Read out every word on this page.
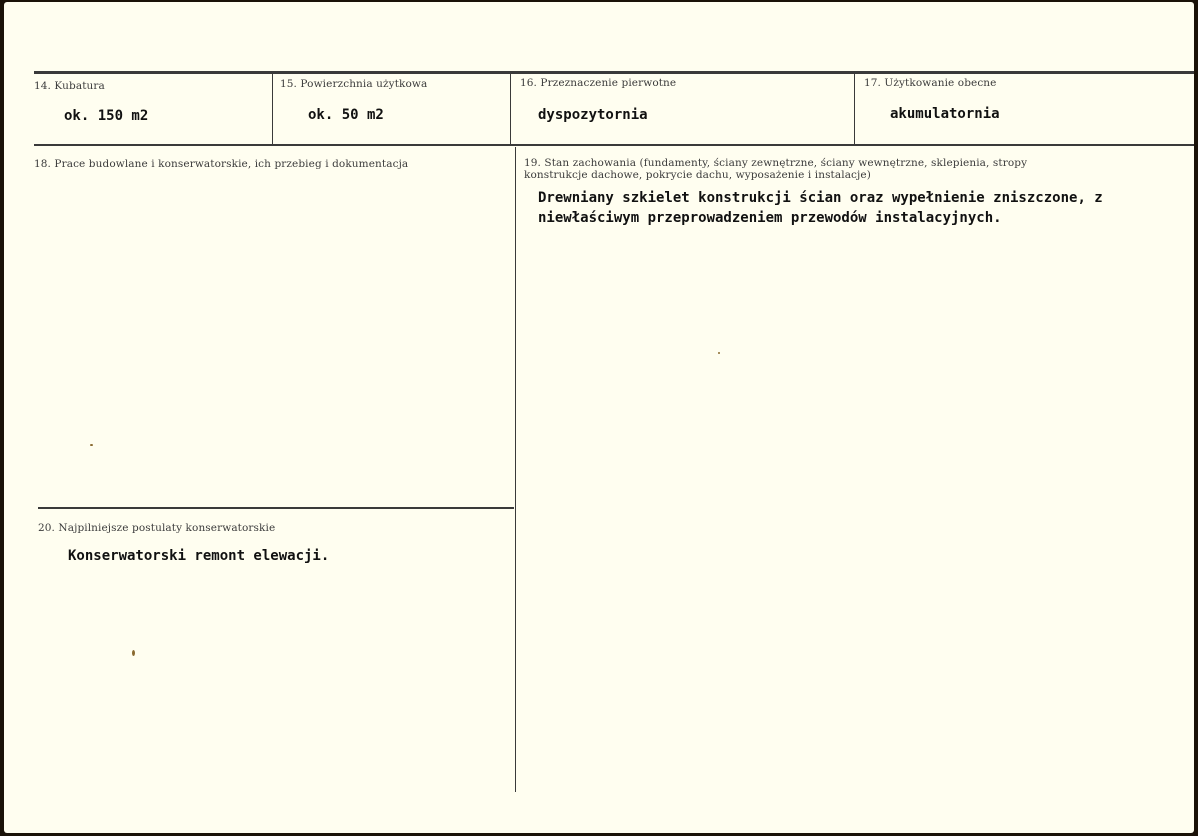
14. Kubatura
ok. 150 m2
15. Powierzchnia użytkowa
ok. 50 m2
16. Przeznaczenie pierwotne
dyspozytornia
17. Użytkowanie obecne
akumulatornia
18. Prace budowlane i konserwatorskie, ich przebieg i dokumentacja	19. Stan zachowania (fundamenty, ściany zewnętrzne, ściany wewnętrzne, sklepienia, stropy konstrukcje dachowe, pokrycie dachu, wyposażenie i instalacje)
Drewniany szkielet konstrukcji ścian oraz wypełnienie zniszczone, z niewłaściwym przeprowadzeniem przewodów instalacyjnych.
20. Najpilniejsze postulaty konserwatorskie
Konserwatorski remont elewacji.
